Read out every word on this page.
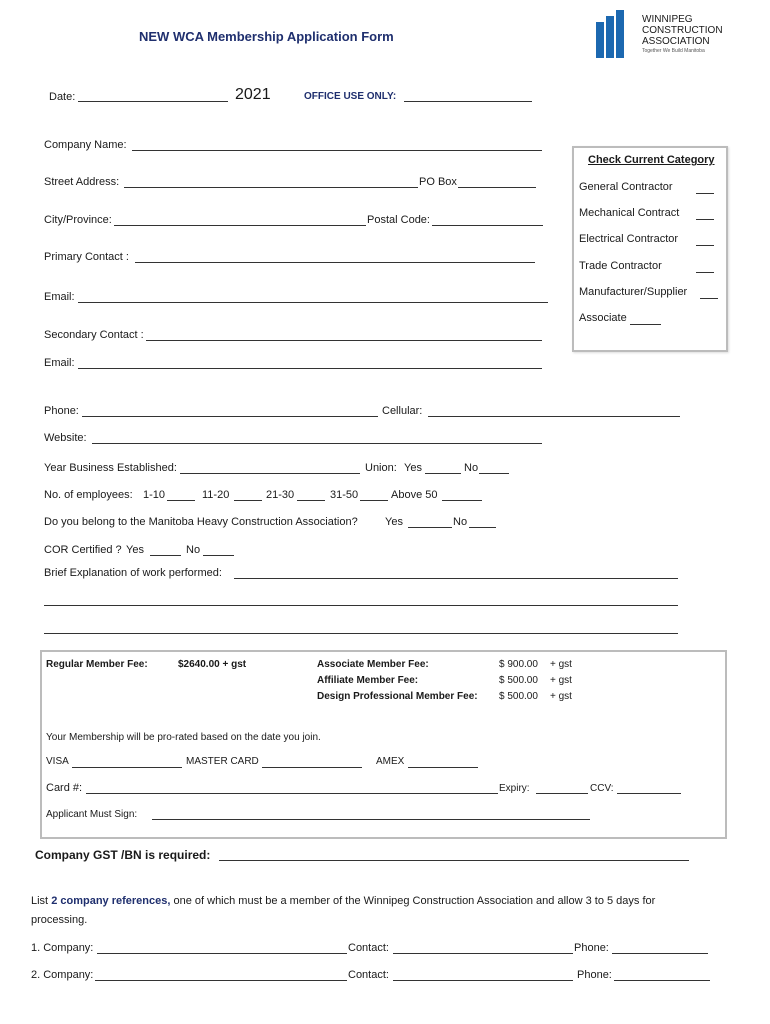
NEW WCA Membership Application Form
WINNIPEG
CONSTRUCTION
ASSOCIATION
Together We Build Manitoba
Date:	2021	OFFICE USE ONLY:
Company Name:
Street Address:	PO Box
City/Province:	Postal Code:
Primary Contact :
Email:
Secondary Contact :
Email:
Phone:	Cellular:
Website:
Check Current Category
General Contractor
Mechanical Contract
Electrical Contractor
Trade Contractor
Manufacturer/Supplier
Associate
Year Business Established:	Union: Yes	No
No. of employees: 1-10	11-20	21-30	31-50	Above 50
Do you belong to the Manitoba Heavy Construction Association? Yes	No
COR Certified ? Yes	No
Brief Explanation of work performed:
Regular Member Fee:	$2640.00 + gst	Associate Member Fee:	$ 900.00 + gst
Affiliate Member Fee:	$ 500.00 + gst
Design Professional Member Fee: $ 500.00 + gst
Your Membership will be pro-rated based on the date you join.
VISA	MASTER CARD	AMEX
Card #:	Expiry:	CCV:
Applicant Must Sign:
Company GST /BN is required:
List 2 company references, one of which must be a member of the Winnipeg Construction Association and allow 3 to 5 days for
processing.
1. Company:	Contact:	Phone:
2. Company:	Contact:	Phone:
